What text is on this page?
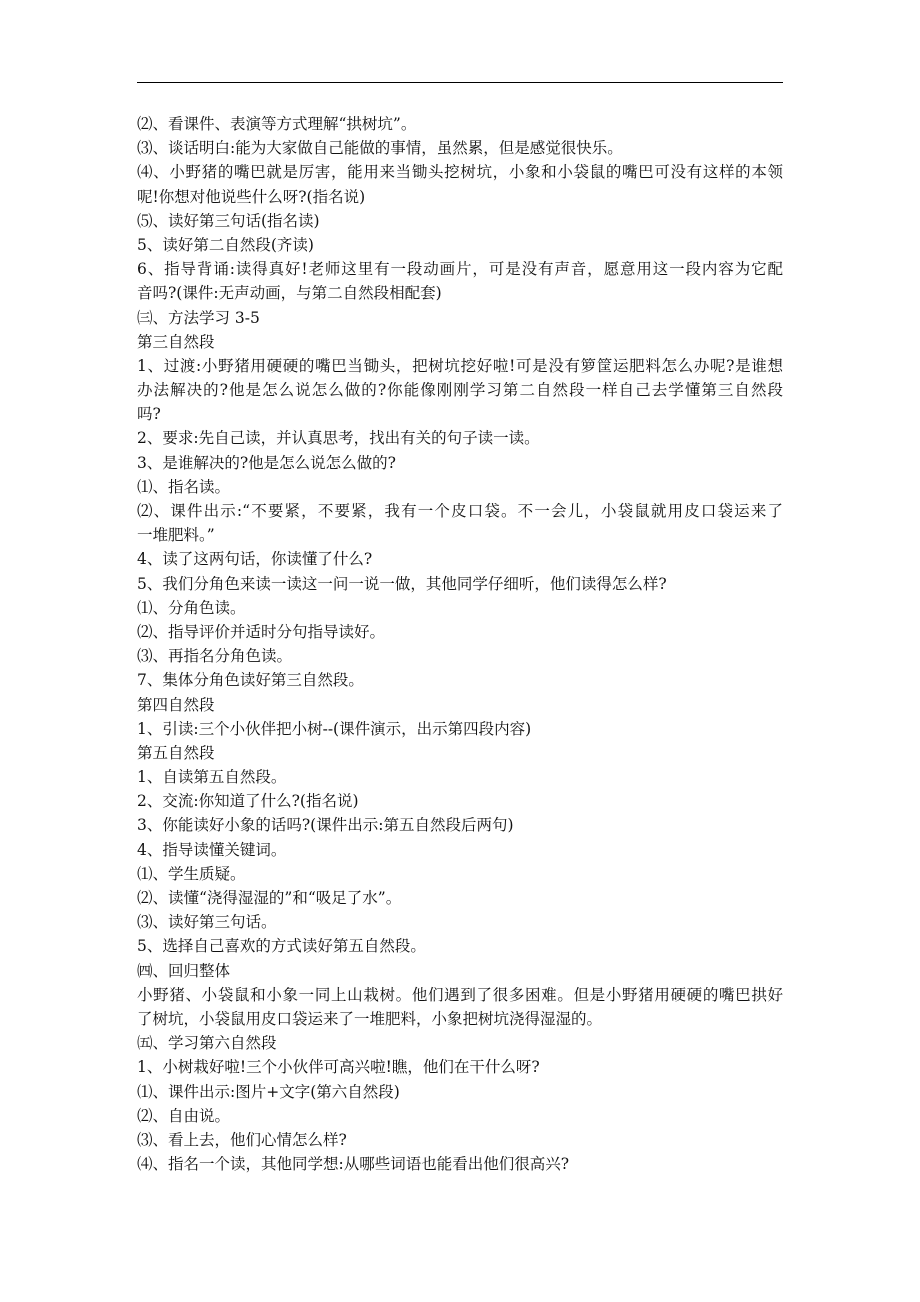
⑵、看课件、表演等方式理解“拱树坑”。
⑶、谈话明白:能为大家做自己能做的事情，虽然累，但是感觉很快乐。
⑷、小野猪的嘴巴就是厉害，能用来当锄头挖树坑，小象和小袋鼠的嘴巴可没有这样的本领
呢!你想对他说些什么呀?(指名说)
⑸、读好第三句话(指名读)
5、读好第二自然段(齐读)
6、指导背诵:读得真好!老师这里有一段动画片，可是没有声音，愿意用这一段内容为它配
音吗?(课件:无声动画，与第二自然段相配套)
㈢、方法学习 3-5
第三自然段
1、过渡:小野猪用硬硬的嘴巴当锄头，把树坑挖好啦!可是没有箩筐运肥料怎么办呢?是谁想
办法解决的?他是怎么说怎么做的?你能像刚刚学习第二自然段一样自己去学懂第三自然段
吗?
2、要求:先自己读，并认真思考，找出有关的句子读一读。
3、是谁解决的?他是怎么说怎么做的?
⑴、指名读。
⑵、课件出示:“不要紧，不要紧，我有一个皮口袋。不一会儿，小袋鼠就用皮口袋运来了
一堆肥料。”
4、读了这两句话，你读懂了什么?
5、我们分角色来读一读这一问一说一做，其他同学仔细听，他们读得怎么样?
⑴、分角色读。
⑵、指导评价并适时分句指导读好。
⑶、再指名分角色读。
7、集体分角色读好第三自然段。
第四自然段
1、引读:三个小伙伴把小树--(课件演示，出示第四段内容)
第五自然段
1、自读第五自然段。
2、交流:你知道了什么?(指名说)
3、你能读好小象的话吗?(课件出示:第五自然段后两句)
4、指导读懂关键词。
⑴、学生质疑。
⑵、读懂“浇得湿湿的”和“吸足了水”。
⑶、读好第三句话。
5、选择自己喜欢的方式读好第五自然段。
㈣、回归整体
小野猪、小袋鼠和小象一同上山栽树。他们遇到了很多困难。但是小野猪用硬硬的嘴巴拱好
了树坑，小袋鼠用皮口袋运来了一堆肥料，小象把树坑浇得湿湿的。
㈤、学习第六自然段
1、小树栽好啦!三个小伙伴可高兴啦!瞧，他们在干什么呀?
⑴、课件出示:图片+文字(第六自然段)
⑵、自由说。
⑶、看上去，他们心情怎么样?
⑷、指名一个读，其他同学想:从哪些词语也能看出他们很高兴?
